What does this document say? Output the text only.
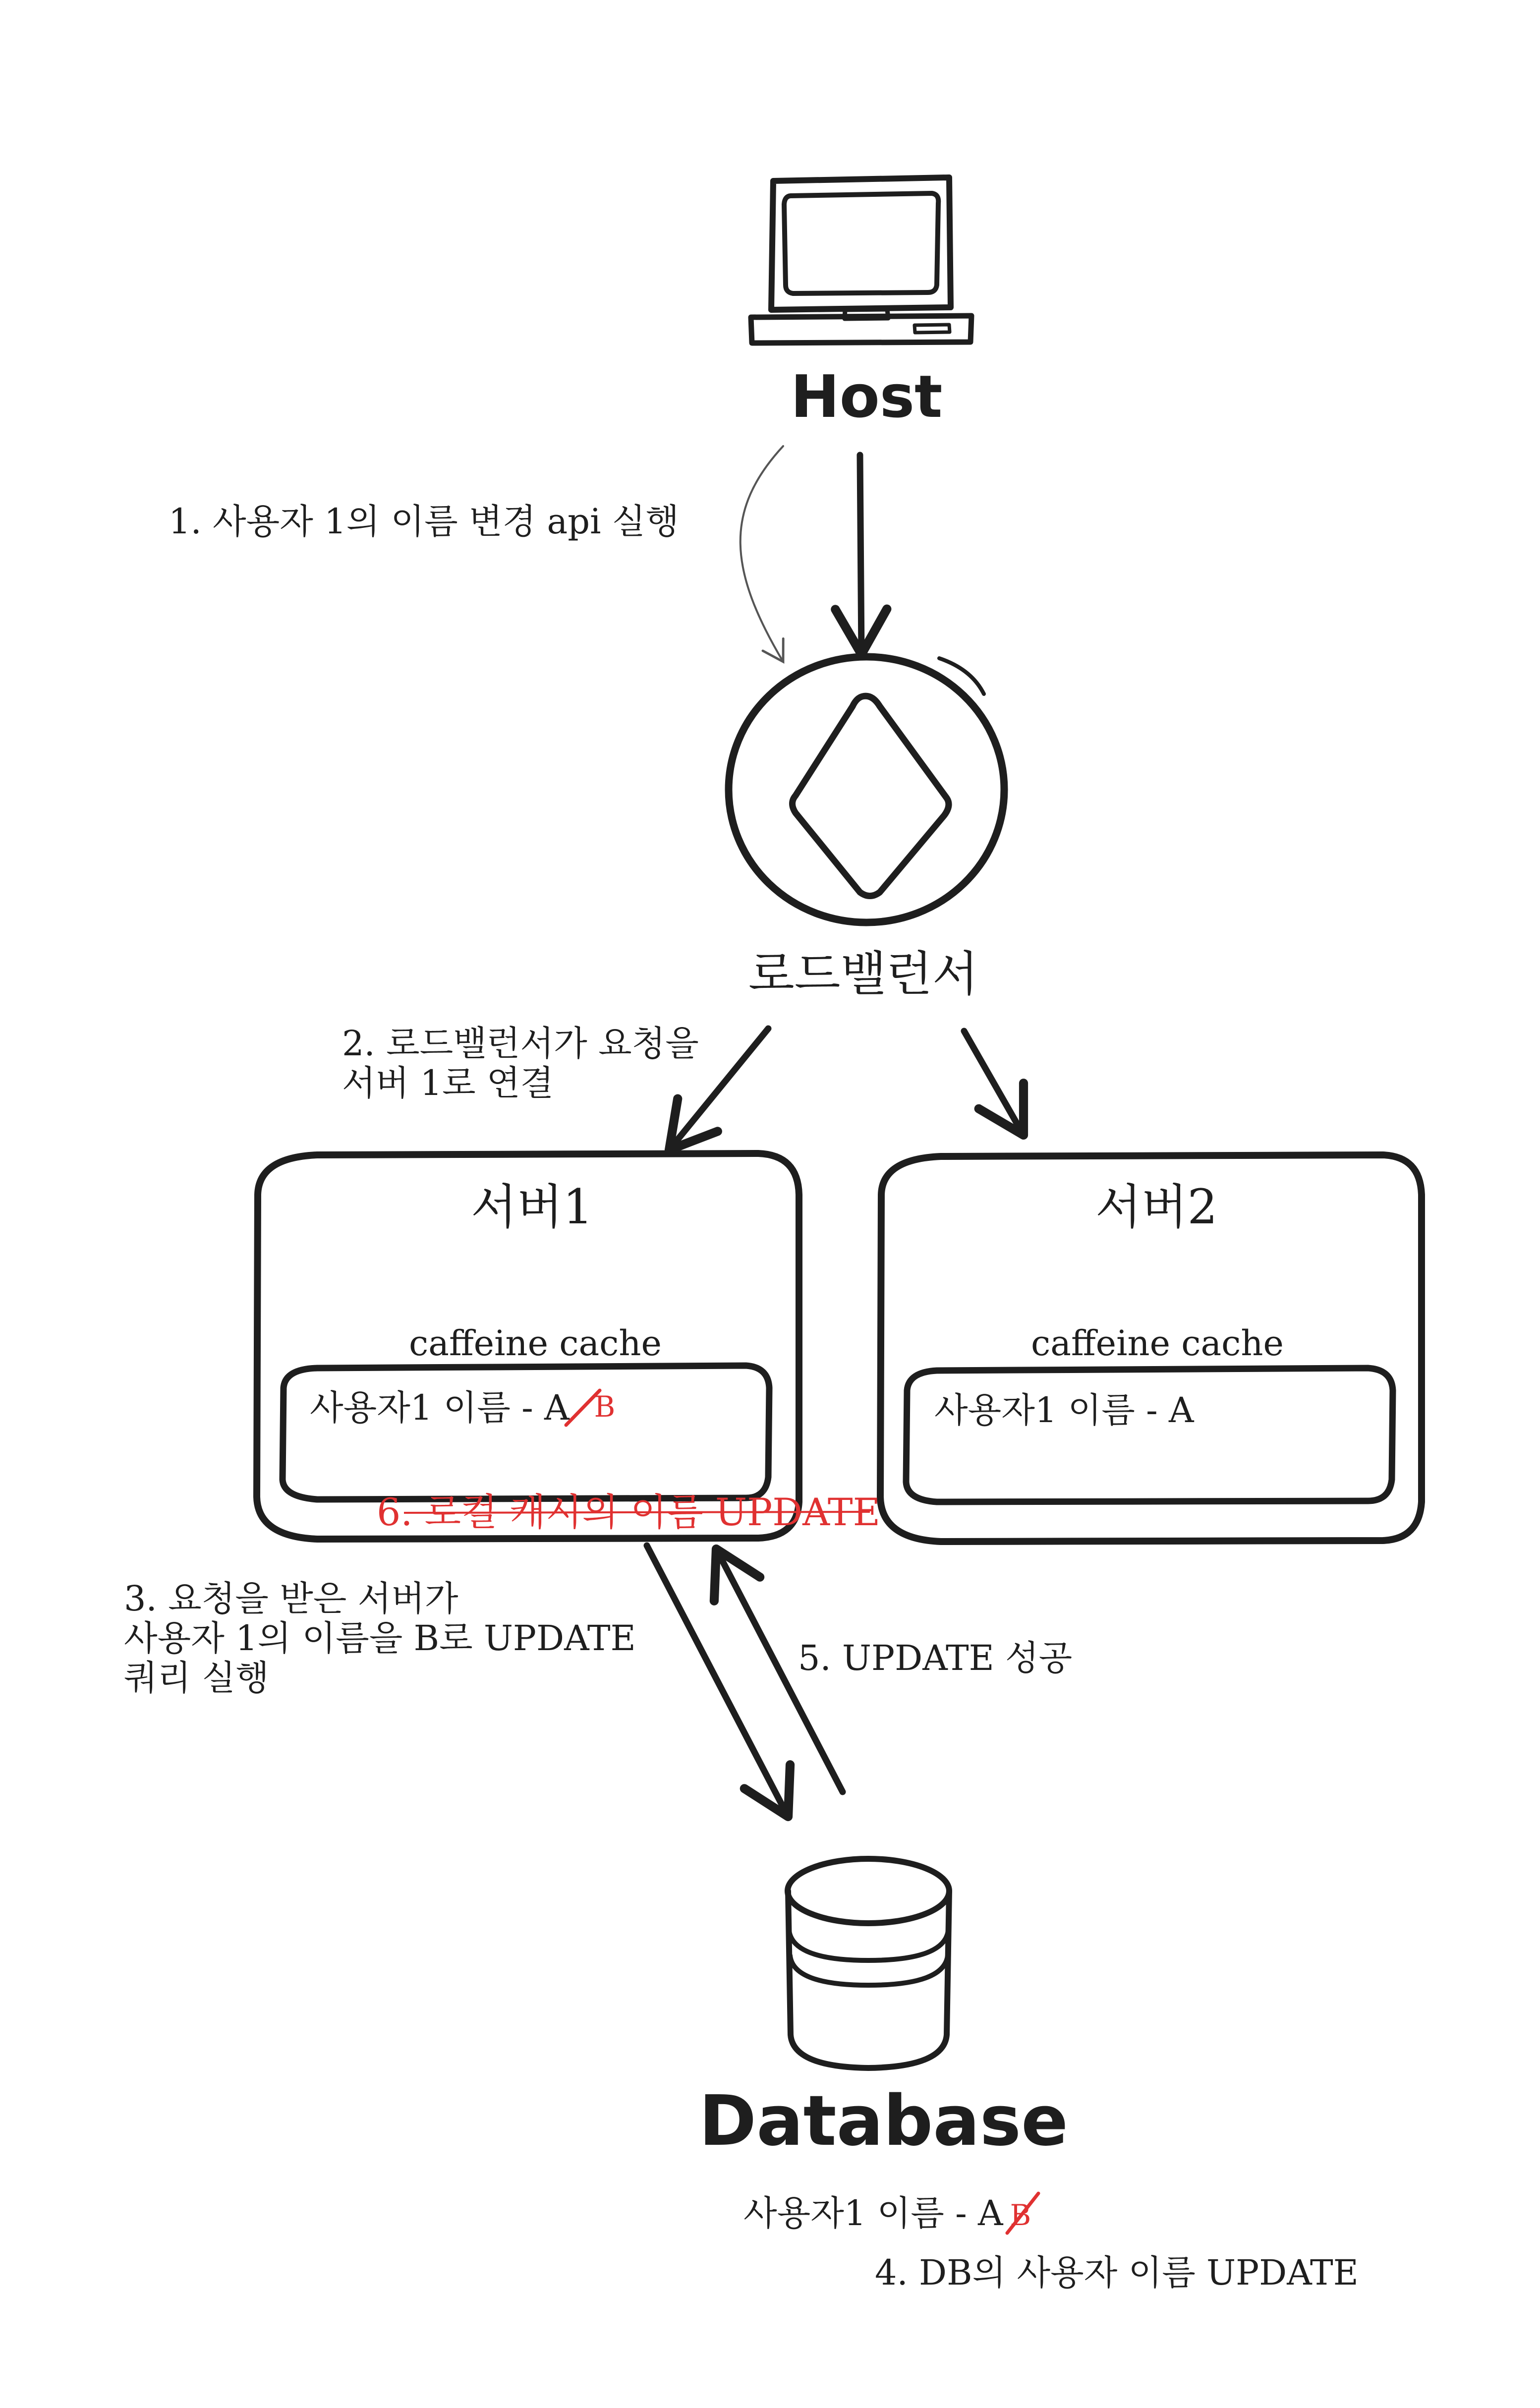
Host
1. 사용자 1의 이름 변경 api 실행
로드밸런서
2. 로드밸런서가 요청을
서버 1로 연결
서버1
caffeine cache
사용자1 이름 - A B
서버2
caffeine cache
사용자1 이름 - A
6. 로컬 캐시의 이름 UPDATE
3. 요청을 받은 서버가
사용자 1의 이름을 B로 UPDATE
쿼리 실행	5. UPDATE 성공
Database
사용자1 이름 - A B
4. DB의 사용자 이름 UPDATE
